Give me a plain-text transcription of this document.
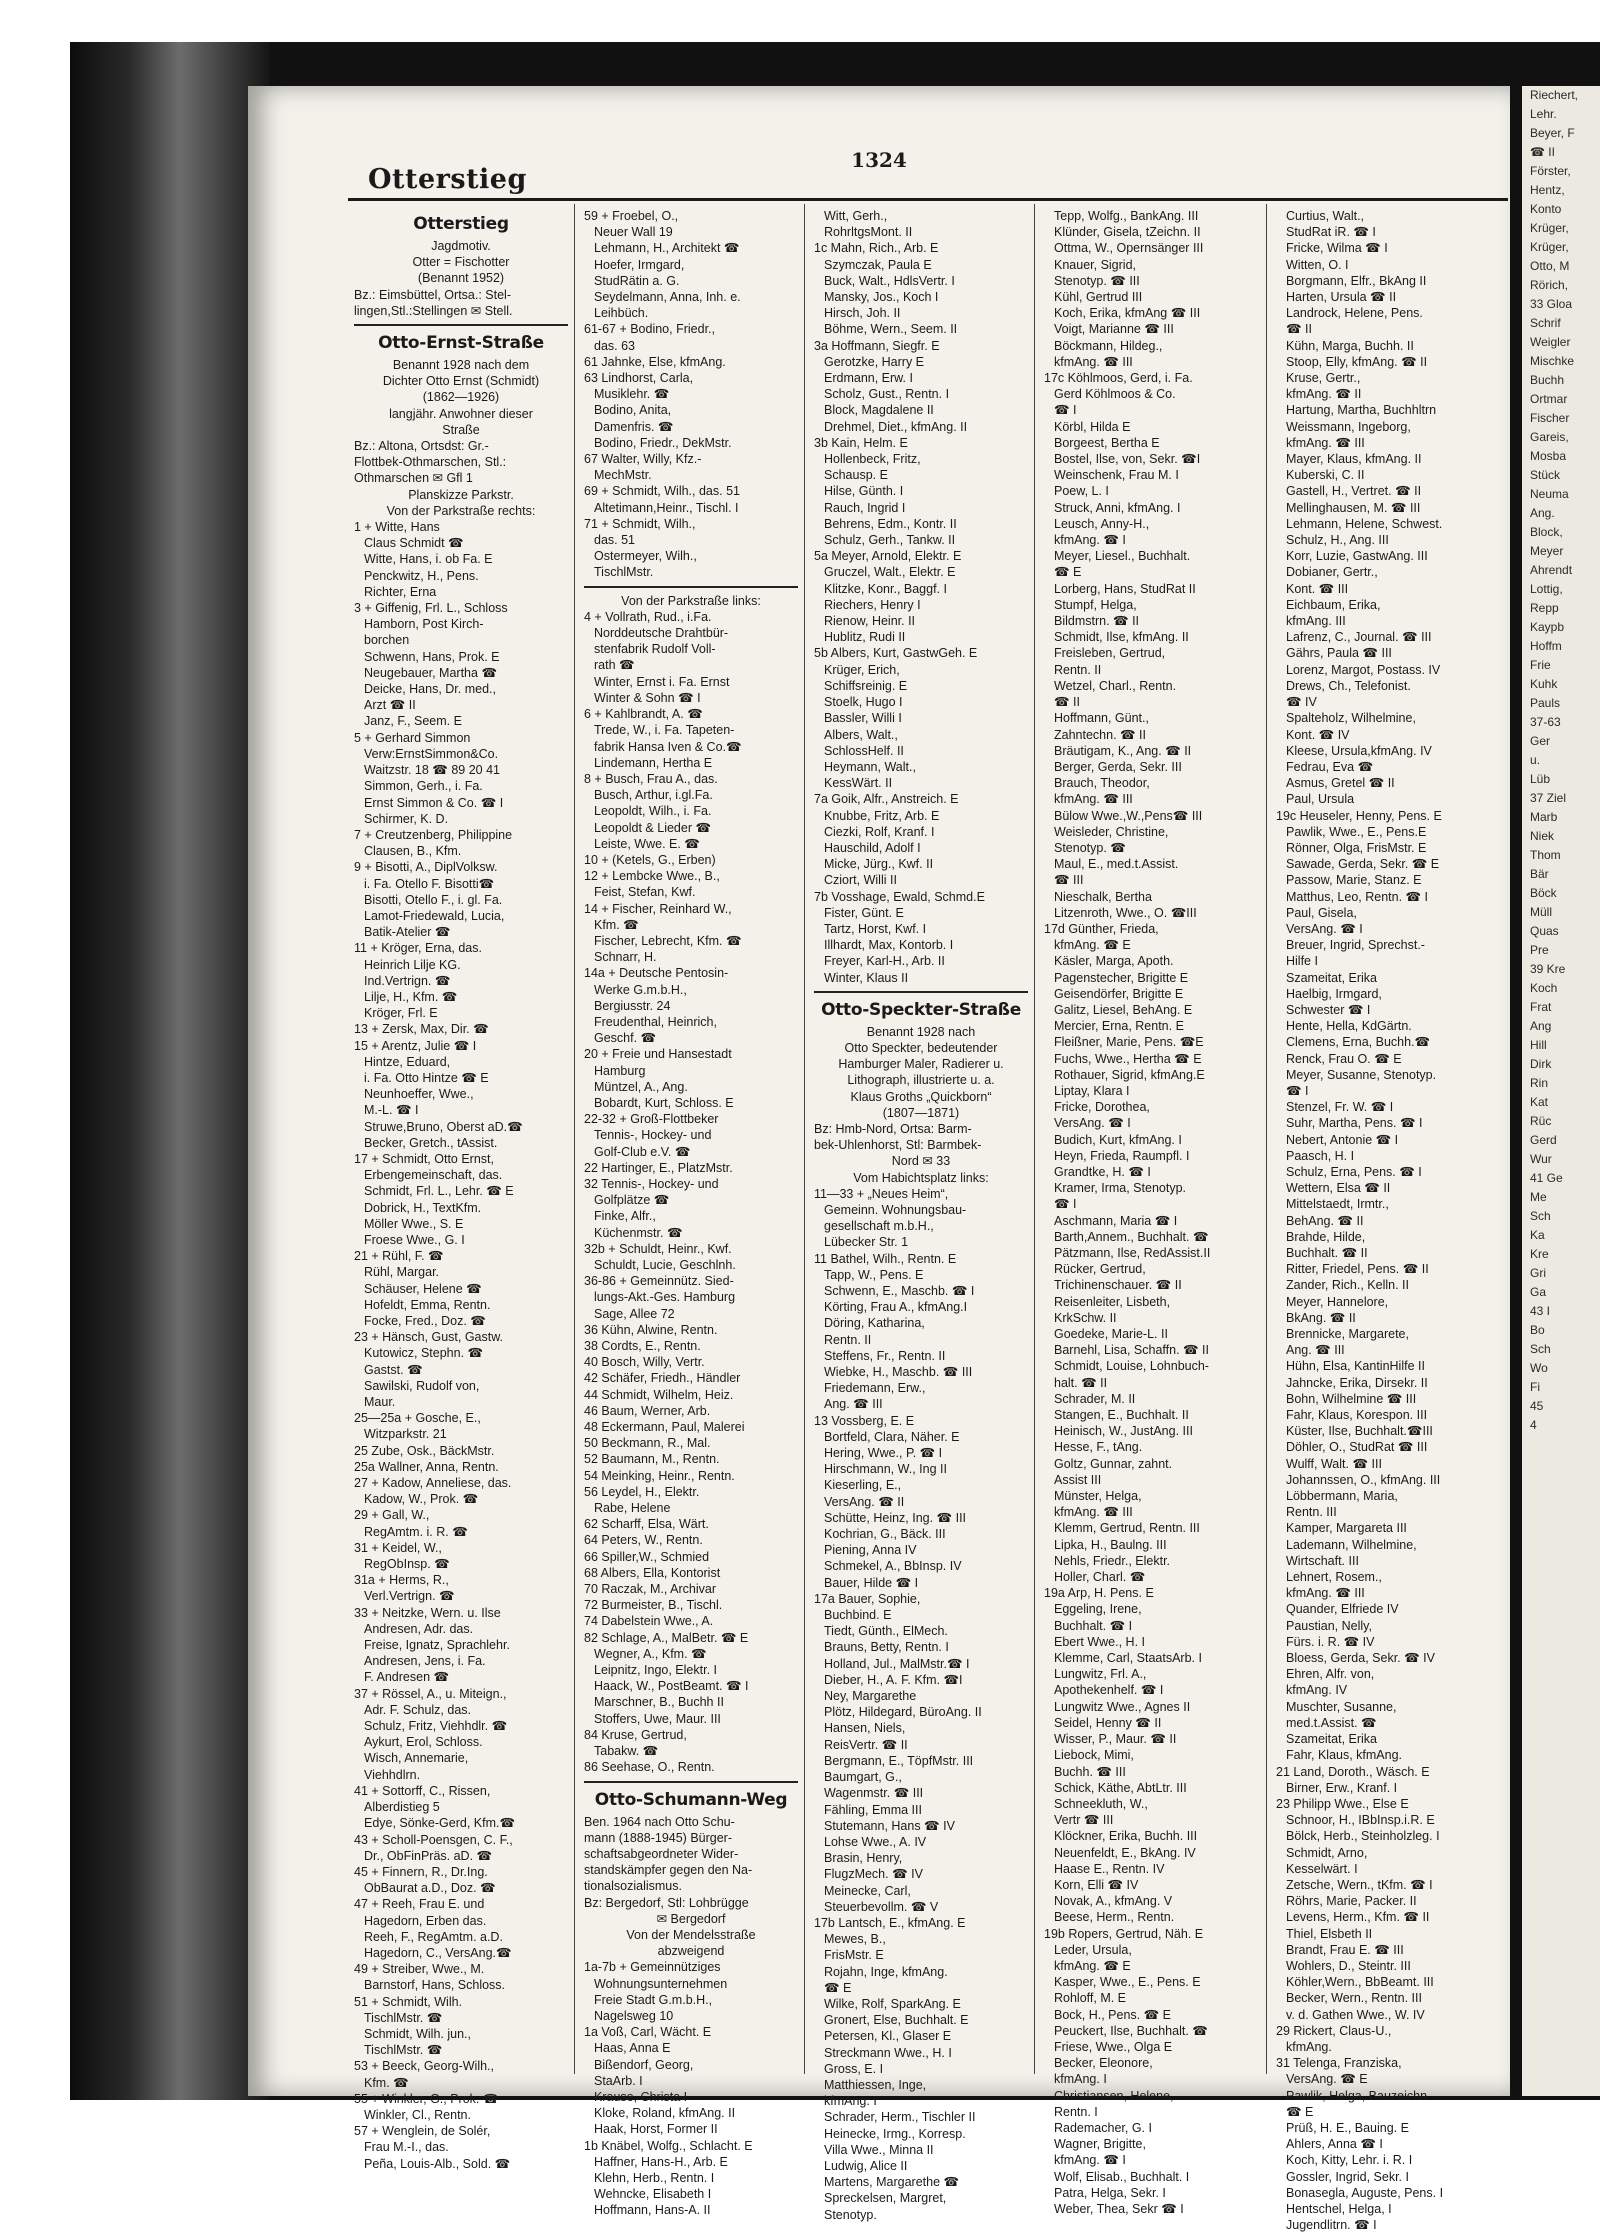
1324
Otterstieg
Otterstieg
Jagdmotiv.
Otter = Fischotter
(Benannt 1952)
Bz.: Eimsbüttel, Ortsa.: Stel-
lingen,Stl.:Stellingen ✉ Stell.
Otto-Ernst-Straße
Benannt 1928 nach dem
Dichter Otto Ernst (Schmidt)
(1862—1926)
langjähr. Anwohner dieser
Straße
Bz.: Altona, Ortsdst: Gr.-
Flottbek-Othmarschen, Stl.:
Othmarschen ✉ Gfl 1
Planskizze Parkstr.
Von der Parkstraße rechts:
1 + Witte, Hans
Claus Schmidt ☎
Witte, Hans, i. ob Fa. E
Penckwitz, H., Pens.
Richter, Erna
3 + Giffenig, Frl. L., Schloss
Hamborn, Post Kirch-
borchen
Schwenn, Hans, Prok. E
Neugebauer, Martha ☎
Deicke, Hans, Dr. med.,
Arzt ☎ II
Janz, F., Seem. E
5 + Gerhard Simmon
Verw:ErnstSimmon&Co.
Waitzstr. 18 ☎ 89 20 41
Simmon, Gerh., i. Fa.
Ernst Simmon & Co. ☎ I
Schirmer, K. D.
7 + Creutzenberg, Philippine
Clausen, B., Kfm.
9 + Bisotti, A., DiplVolksw.
i. Fa. Otello F. Bisotti☎
Bisotti, Otello F., i. gl. Fa.
Lamot-Friedewald, Lucia,
Batik-Atelier ☎
11 + Kröger, Erna, das.
Heinrich Lilje KG.
Ind.Vertrign. ☎
Lilje, H., Kfm. ☎
Kröger, Frl. E
13 + Zersk, Max, Dir. ☎
15 + Arentz, Julie ☎ I
Hintze, Eduard,
i. Fa. Otto Hintze ☎ E
Neunhoeffer, Wwe.,
M.-L. ☎ I
Struwe,Bruno, Oberst aD.☎
Becker, Gretch., tAssist.
17 + Schmidt, Otto Ernst,
Erbengemeinschaft, das.
Schmidt, Frl. L., Lehr. ☎ E
Dobrick, H., TextKfm.
Möller Wwe., S. E
Froese Wwe., G. I
21 + Rühl, F. ☎
Rühl, Margar.
Schäuser, Helene ☎
Hofeldt, Emma, Rentn.
Focke, Fred., Doz. ☎
23 + Hänsch, Gust, Gastw.
Kutowicz, Stephn. ☎
Gastst. ☎
Sawilski, Rudolf von,
Maur.
25—25a + Gosche, E.,
Witzparkstr. 21
25 Zube, Osk., BäckMstr.
25a Wallner, Anna, Rentn.
27 + Kadow, Anneliese, das.
Kadow, W., Prok. ☎
29 + Gall, W.,
RegAmtm. i. R. ☎
31 + Keidel, W.,
RegObInsp. ☎
31a + Herms, R.,
Verl.Vertrign. ☎
33 + Neitzke, Wern. u. Ilse
Andresen, Adr. das.
Freise, Ignatz, Sprachlehr.
Andresen, Jens, i. Fa.
F. Andresen ☎
37 + Rössel, A., u. Miteign.,
Adr. F. Schulz, das.
Schulz, Fritz, Viehhdlr. ☎
Aykurt, Erol, Schloss.
Wisch, Annemarie,
Viehhdlrn.
41 + Sottorff, C., Rissen,
Alberdistieg 5
Edye, Sönke-Gerd, Kfm.☎
43 + Scholl-Poensgen, C. F.,
Dr., ObFinPräs. aD. ☎
45 + Finnern, R., Dr.Ing.
ObBaurat a.D., Doz. ☎
47 + Reeh, Frau E. und
Hagedorn, Erben das.
Reeh, F., RegAmtm. a.D.
Hagedorn, C., VersAng.☎
49 + Streiber, Wwe., M.
Barnstorf, Hans, Schloss.
51 + Schmidt, Wilh.
TischlMstr. ☎
Schmidt, Wilh. jun.,
TischlMstr. ☎
53 + Beeck, Georg-Wilh.,
Kfm. ☎
55 + Winkler, G., Prok. ☎
Winkler, Cl., Rentn.
57 + Wenglein, de Solér,
Frau M.-I., das.
Peña, Louis-Alb., Sold. ☎
59 + Froebel, O.,
Neuer Wall 19
Lehmann, H., Architekt ☎
Hoefer, Irmgard,
StudRätin a. G.
Seydelmann, Anna, Inh. e.
Leihbüch.
61-67 + Bodino, Friedr.,
das. 63
61 Jahnke, Else, kfmAng.
63 Lindhorst, Carla,
Musiklehr. ☎
Bodino, Anita,
Damenfris. ☎
Bodino, Friedr., DekMstr.
67 Walter, Willy, Kfz.-
MechMstr.
69 + Schmidt, Wilh., das. 51
Altetimann,Heinr., Tischl. I
71 + Schmidt, Wilh.,
das. 51
Ostermeyer, Wilh.,
TischlMstr.
Von der Parkstraße links:
4 + Vollrath, Rud., i.Fa.
Norddeutsche Drahtbür-
stenfabrik Rudolf Voll-
rath ☎
Winter, Ernst i. Fa. Ernst
Winter & Sohn ☎ I
6 + Kahlbrandt, A. ☎
Trede, W., i. Fa. Tapeten-
fabrik Hansa Iven & Co.☎
Lindemann, Hertha E
8 + Busch, Frau A., das.
Busch, Arthur, i.gl.Fa.
Leopoldt, Wilh., i. Fa.
Leopoldt & Lieder ☎
Leiste, Wwe. E. ☎
10 + (Ketels, G., Erben)
12 + Lembcke Wwe., B.,
Feist, Stefan, Kwf.
14 + Fischer, Reinhard W.,
Kfm. ☎
Fischer, Lebrecht, Kfm. ☎
Schnarr, H.
14a + Deutsche Pentosin-
Werke G.m.b.H.,
Bergiusstr. 24
Freudenthal, Heinrich,
Geschf. ☎
20 + Freie und Hansestadt
Hamburg
Müntzel, A., Ang.
Bobardt, Kurt, Schloss. E
22-32 + Groß-Flottbeker
Tennis-, Hockey- und
Golf-Club e.V. ☎
22 Hartinger, E., PlatzMstr.
32 Tennis-, Hockey- und
Golfplätze ☎
Finke, Alfr.,
Küchenmstr. ☎
32b + Schuldt, Heinr., Kwf.
Schuldt, Lucie, Geschlnh.
36-86 + Gemeinnütz. Sied-
lungs-Akt.-Ges. Hamburg
Sage, Allee 72
36 Kühn, Alwine, Rentn.
38 Cordts, E., Rentn.
40 Bosch, Willy, Vertr.
42 Schäfer, Friedh., Händler
44 Schmidt, Wilhelm, Heiz.
46 Baum, Werner, Arb.
48 Eckermann, Paul, Malerei
50 Beckmann, R., Mal.
52 Baumann, M., Rentn.
54 Meinking, Heinr., Rentn.
56 Leydel, H., Elektr.
Rabe, Helene
62 Scharff, Elsa, Wärt.
64 Peters, W., Rentn.
66 Spiller,W., Schmied
68 Albers, Ella, Kontorist
70 Raczak, M., Archivar
72 Burmeister, B., Tischl.
74 Dabelstein Wwe., A.
82 Schlage, A., MalBetr. ☎ E
Wegner, A., Kfm. ☎
Leipnitz, Ingo, Elektr. I
Haack, W., PostBeamt. ☎ I
Marschner, B., Buchh II
Stoffers, Uwe, Maur. III
84 Kruse, Gertrud,
Tabakw. ☎
86 Seehase, O., Rentn.
Otto-Schumann-Weg
Ben. 1964 nach Otto Schu-
mann (1888-1945) Bürger-
schaftsabgeordneter Wider-
standskämpfer gegen den Na-
tionalsozialismus.
Bz: Bergedorf, Stl: Lohbrügge
✉ Bergedorf
Von der Mendelsstraße
abzweigend
1a-7b + Gemeinnütziges
Wohnungsunternehmen
Freie Stadt G.m.b.H.,
Nagelsweg 10
1a Voß, Carl, Wächt. E
Haas, Anna E
Bißendorf, Georg,
StaArb. I
Krause, Christa I
Kloke, Roland, kfmAng. II
Haak, Horst, Former II
1b Knäbel, Wolfg., Schlacht. E
Haffner, Hans-H., Arb. E
Klehn, Herb., Rentn. I
Wehncke, Elisabeth I
Hoffmann, Hans-A. II
Witt, Gerh.,
RohrltgsMont. II
1c Mahn, Rich., Arb. E
Szymczak, Paula E
Buck, Walt., HdlsVertr. I
Mansky, Jos., Koch I
Hirsch, Joh. II
Böhme, Wern., Seem. II
3a Hoffmann, Siegfr. E
Gerotzke, Harry E
Erdmann, Erw. I
Scholz, Gust., Rentn. I
Block, Magdalene II
Drehmel, Diet., kfmAng. II
3b Kain, Helm. E
Hollenbeck, Fritz,
Schausp. E
Hilse, Günth. I
Rauch, Ingrid I
Behrens, Edm., Kontr. II
Schulz, Gerh., Tankw. II
5a Meyer, Arnold, Elektr. E
Gruczel, Walt., Elektr. E
Klitzke, Konr., Baggf. I
Riechers, Henry I
Rienow, Heinr. II
Hublitz, Rudi II
5b Albers, Kurt, GastwGeh. E
Krüger, Erich,
Schiffsreinig. E
Stoelk, Hugo I
Bassler, Willi I
Albers, Walt.,
SchlossHelf. II
Heymann, Walt.,
KessWärt. II
7a Goik, Alfr., Anstreich. E
Knubbe, Fritz, Arb. E
Ciezki, Rolf, Kranf. I
Hauschild, Adolf I
Micke, Jürg., Kwf. II
Cziort, Willi II
7b Vosshage, Ewald, Schmd.E
Fister, Günt. E
Tartz, Horst, Kwf. I
Illhardt, Max, Kontorb. I
Freyer, Karl-H., Arb. II
Winter, Klaus II
Otto-Speckter-Straße
Benannt 1928 nach
Otto Speckter, bedeutender
Hamburger Maler, Radierer u.
Lithograph, illustrierte u. a.
Klaus Groths „Quickborn“
(1807—1871)
Bz: Hmb-Nord, Ortsa: Barm-
bek-Uhlenhorst, Stl: Barmbek-
Nord ✉ 33
Vom Habichtsplatz links:
11—33 + „Neues Heim“,
Gemeinn. Wohnungsbau-
gesellschaft m.b.H.,
Lübecker Str. 1
11 Bathel, Wilh., Rentn. E
Tapp, W., Pens. E
Schwenn, E., Maschb. ☎ I
Körting, Frau A., kfmAng.I
Döring, Katharina,
Rentn. II
Steffens, Fr., Rentn. II
Wiebke, H., Maschb. ☎ III
Friedemann, Erw.,
Ang. ☎ III
13 Vossberg, E. E
Bortfeld, Clara, Näher. E
Hering, Wwe., P. ☎ I
Hirschmann, W., Ing II
Kieserling, E.,
VersAng. ☎ II
Schütte, Heinz, Ing. ☎ III
Kochrian, G., Bäck. III
Piening, Anna IV
Schmekel, A., BbInsp. IV
Bauer, Hilde ☎ I
17a Bauer, Sophie,
Buchbind. E
Tiedt, Günth., ElMech.
Brauns, Betty, Rentn. I
Holland, Jul., MalMstr.☎ I
Dieber, H., A. F. Kfm. ☎I
Ney, Margarethe
Plötz, Hildegard, BüroAng. II
Hansen, Niels,
ReisVertr. ☎ II
Bergmann, E., TöpfMstr. III
Baumgart, G.,
Wagenmstr. ☎ III
Fähling, Emma III
Stutemann, Hans ☎ IV
Lohse Wwe., A. IV
Brasin, Henry,
FlugzMech. ☎ IV
Meinecke, Carl,
Steuerbevollm. ☎ V
17b Lantsch, E., kfmAng. E
Mewes, B.,
FrisMstr. E
Rojahn, Inge, kfmAng.
☎ E
Wilke, Rolf, SparkAng. E
Gronert, Else, Buchhalt. E
Petersen, Kl., Glaser E
Streckmann Wwe., H. I
Gross, E. I
Matthiessen, Inge,
kfmAng. I
Schrader, Herm., Tischler II
Heinecke, Irmg., Korresp.
Villa Wwe., Minna II
Ludwig, Alice II
Martens, Margarethe ☎
Spreckelsen, Margret,
Stenotyp.
Tepp, Wolfg., BankAng. III
Klünder, Gisela, tZeichn. II
Ottma, W., Opernsänger III
Knauer, Sigrid,
Stenotyp. ☎ III
Kühl, Gertrud III
Koch, Erika, kfmAng ☎ III
Voigt, Marianne ☎ III
Böckmann, Hildeg.,
kfmAng. ☎ III
17c Köhlmoos, Gerd, i. Fa.
Gerd Köhlmoos & Co.
☎ I
Körbl, Hilda E
Borgeest, Bertha E
Bostel, Ilse, von, Sekr. ☎I
Weinschenk, Frau M. I
Poew, L. I
Struck, Anni, kfmAng. I
Leusch, Anny-H.,
kfmAng. ☎ I
Meyer, Liesel., Buchhalt.
☎ E
Lorberg, Hans, StudRat II
Stumpf, Helga,
Bildmstrn. ☎ II
Schmidt, Ilse, kfmAng. II
Freisleben, Gertrud,
Rentn. II
Wetzel, Charl., Rentn.
☎ II
Hoffmann, Günt.,
Zahntechn. ☎ II
Bräutigam, K., Ang. ☎ II
Berger, Gerda, Sekr. III
Brauch, Theodor,
kfmAng. ☎ III
Bülow Wwe.,W.,Pens☎ III
Weisleder, Christine,
Stenotyp. ☎
Maul, E., med.t.Assist.
☎ III
Nieschalk, Bertha
Litzenroth, Wwe., O. ☎III
17d Günther, Frieda,
kfmAng. ☎ E
Käsler, Marga, Apoth.
Pagenstecher, Brigitte E
Geisendörfer, Brigitte E
Galitz, Liesel, BehAng. E
Mercier, Erna, Rentn. E
Fleißner, Marie, Pens. ☎E
Fuchs, Wwe., Hertha ☎ E
Rothauer, Sigrid, kfmAng.E
Liptay, Klara I
Fricke, Dorothea,
VersAng. ☎ I
Budich, Kurt, kfmAng. I
Heyn, Frieda, Raumpfl. I
Grandtke, H. ☎ I
Kramer, Irma, Stenotyp.
☎ I
Aschmann, Maria ☎ I
Barth,Annem., Buchhalt. ☎
Pätzmann, Ilse, RedAssist.II
Rücker, Gertrud,
Trichinenschauer. ☎ II
Reisenleiter, Lisbeth,
KrkSchw. II
Goedeke, Marie-L. II
Barnehl, Lisa, Schaffn. ☎ II
Schmidt, Louise, Lohnbuch-
halt. ☎ II
Schrader, M. II
Stangen, E., Buchhalt. II
Heinisch, W., JustAng. III
Hesse, F., tAng.
Goltz, Gunnar, zahnt.
Assist III
Münster, Helga,
kfmAng. ☎ III
Klemm, Gertrud, Rentn. III
Lipka, H., Baulng. III
Nehls, Friedr., Elektr.
Holler, Charl. ☎
19a Arp, H. Pens. E
Eggeling, Irene,
Buchhalt. ☎ I
Ebert Wwe., H. I
Klemme, Carl, StaatsArb. I
Lungwitz, Frl. A.,
Apothekenhelf. ☎ I
Lungwitz Wwe., Agnes II
Seidel, Henny ☎ II
Wisser, P., Maur. ☎ II
Liebock, Mimi,
Buchh. ☎ III
Schick, Käthe, AbtLtr. III
Schneekluth, W.,
Vertr ☎ III
Klöckner, Erika, Buchh. III
Neuenfeldt, E., BkAng. IV
Haase E., Rentn. IV
Korn, Elli ☎ IV
Novak, A., kfmAng. V
Beese, Herm., Rentn.
19b Ropers, Gertrud, Näh. E
Leder, Ursula,
kfmAng. ☎ E
Kasper, Wwe., E., Pens. E
Rohloff, M. E
Bock, H., Pens. ☎ E
Peuckert, Ilse, Buchhalt. ☎
Friese, Wwe., Olga E
Becker, Eleonore,
kfmAng. I
Christiansen, Helene,
Rentn. I
Rademacher, G. I
Wagner, Brigitte,
kfmAng. ☎ I
Wolf, Elisab., Buchhalt. I
Patra, Helga, Sekr. I
Weber, Thea, Sekr ☎ I
Curtius, Walt.,
StudRat iR. ☎ I
Fricke, Wilma ☎ I
Witten, O. I
Borgmann, Elfr., BkAng II
Harten, Ursula ☎ II
Landrock, Helene, Pens.
☎ II
Kühn, Marga, Buchh. II
Stoop, Elly, kfmAng. ☎ II
Kruse, Gertr.,
kfmAng. ☎ II
Hartung, Martha, Buchhltrn
Weissmann, Ingeborg,
kfmAng. ☎ III
Mayer, Klaus, kfmAng. II
Kuberski, C. II
Gastell, H., Vertret. ☎ II
Mellinghausen, M. ☎ III
Lehmann, Helene, Schwest.
Schulz, H., Ang. III
Korr, Luzie, GastwAng. III
Dobianer, Gertr.,
Kont. ☎ III
Eichbaum, Erika,
kfmAng. III
Lafrenz, C., Journal. ☎ III
Gährs, Paula ☎ III
Lorenz, Margot, Postass. IV
Drews, Ch., Telefonist.
☎ IV
Spalteholz, Wilhelmine,
Kont. ☎ IV
Kleese, Ursula,kfmAng. IV
Fedrau, Eva ☎
Asmus, Gretel ☎ II
Paul, Ursula
19c Heuseler, Henny, Pens. E
Pawlik, Wwe., E., Pens.E
Rönner, Olga, FrisMstr. E
Sawade, Gerda, Sekr. ☎ E
Passow, Marie, Stanz. E
Matthus, Leo, Rentn. ☎ I
Paul, Gisela,
VersAng. ☎ I
Breuer, Ingrid, Sprechst.-
Hilfe I
Szameitat, Erika
Haelbig, Irmgard,
Schwester ☎ I
Hente, Hella, KdGärtn.
Clemens, Erna, Buchh.☎
Renck, Frau O. ☎ E
Meyer, Susanne, Stenotyp.
☎ I
Stenzel, Fr. W. ☎ I
Suhr, Martha, Pens. ☎ I
Nebert, Antonie ☎ I
Paasch, H. I
Schulz, Erna, Pens. ☎ I
Wettern, Elsa ☎ II
Mittelstaedt, Irmtr.,
BehAng. ☎ II
Brahde, Hilde,
Buchhalt. ☎ II
Ritter, Friedel, Pens. ☎ II
Zander, Rich., Kelln. II
Meyer, Hannelore,
BkAng. ☎ II
Brennicke, Margarete,
Ang. ☎ III
Hühn, Elsa, KantinHilfe II
Jahncke, Erika, Dirsekr. II
Bohn, Wilhelmine ☎ III
Fahr, Klaus, Korespon. III
Küster, Ilse, Buchhalt.☎III
Döhler, O., StudRat ☎ III
Wulff, Walt. ☎ III
Johannssen, O., kfmAng. III
Löbbermann, Maria,
Rentn. III
Kamper, Margareta III
Lademann, Wilhelmine,
Wirtschaft. III
Lehnert, Rosem.,
kfmAng. ☎ III
Quander, Elfriede IV
Paustian, Nelly,
Fürs. i. R. ☎ IV
Bloess, Gerda, Sekr. ☎ IV
Ehren, Alfr. von,
kfmAng. IV
Muschter, Susanne,
med.t.Assist. ☎
Szameitat, Erika
Fahr, Klaus, kfmAng.
21 Land, Doroth., Wäsch. E
Birner, Erw., Kranf. I
23 Philipp Wwe., Else E
Schnoor, H., IBbInsp.i.R. E
Bölck, Herb., Steinholzleg. I
Schmidt, Arno,
Kesselwärt. I
Zetsche, Wern., tKfm. ☎ I
Röhrs, Marie, Packer. II
Levens, Herm., Kfm. ☎ II
Thiel, Elsbeth II
Brandt, Frau E. ☎ III
Wohlers, D., Steintr. III
Köhler,Wern., BbBeamt. III
Becker, Wern., Rentn. III
v. d. Gathen Wwe., W. IV
29 Rickert, Claus-U.,
kfmAng.
31 Telenga, Franziska,
VersAng. ☎ E
Pawlik, Helga, Bauzeichn.
☎ E
Prüß, H. E., Bauing. E
Ahlers, Anna ☎ I
Koch, Kitty, Lehr. i. R. I
Gossler, Ingrid, Sekr. I
Bonasegla, Auguste, Pens. I
Hentschel, Helga, I
Jugendlitrn. ☎ I
Riechert,
Lehr.
Beyer, F
☎ II
Förster,
Hentz,
Konto
Krüger,
Krüger,
Otto, M
Rörich,
33 Gloa
Schrif
Weigler
Mischke
Buchh
Ortmar
Fischer
Gareis,
Mosba
Stück
Neuma
Ang.
Block,
Meyer
Ahrendt
Lottig,
Repp
Kaypb
Hoffm
Frie
Kuhk
Pauls
37-63
Ger
u.
Lüb
37 Ziel
Marb
Niek
Thom
Bär
Böck
Müll
Quas
Pre
39 Kre
Koch
Frat
Ang
Hill
Dirk
Rin
Kat
Rüc
Gerd
Wur
41 Ge
Me
Sch
Ka
Kre
Gri
Ga
43 I
Bo
Sch
Wo
Fi
45
4
